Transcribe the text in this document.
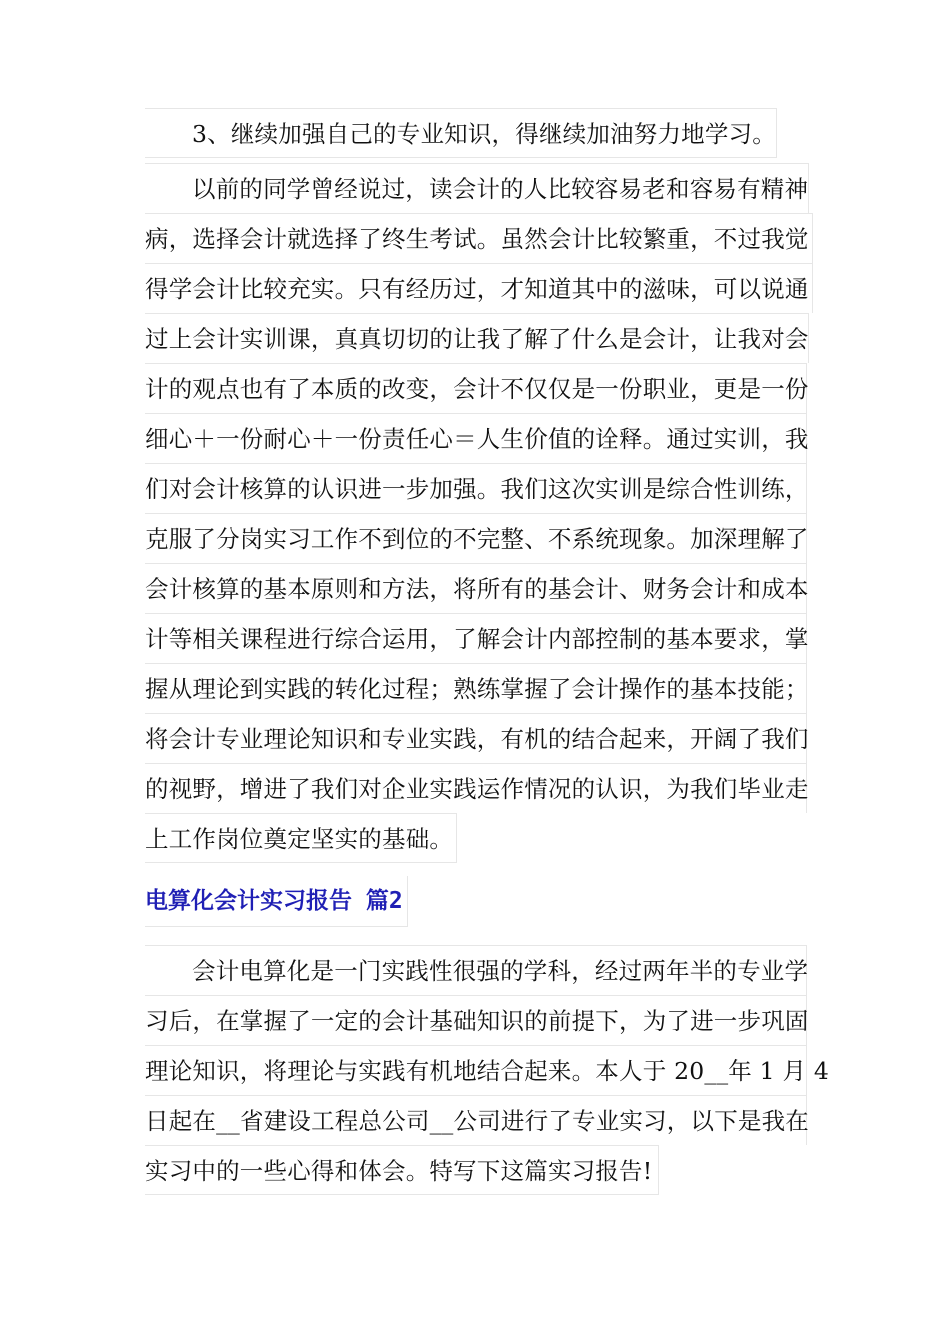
3、继续加强自己的专业知识，得继续加油努力地学习。
以前的同学曾经说过，读会计的人比较容易老和容易有精神
病，选择会计就选择了终生考试。虽然会计比较繁重，不过我觉
得学会计比较充实。只有经历过，才知道其中的滋味，可以说通
过上会计实训课，真真切切的让我了解了什么是会计，让我对会
计的观点也有了本质的改变，会计不仅仅是一份职业，更是一份
细心＋一份耐心＋一份责任心＝人生价值的诠释。通过实训，我
们对会计核算的认识进一步加强。我们这次实训是综合性训练，
克服了分岗实习工作不到位的不完整、不系统现象。加深理解了
会计核算的基本原则和方法，将所有的基会计、财务会计和成本
计等相关课程进行综合运用，了解会计内部控制的基本要求，掌
握从理论到实践的转化过程；熟练掌握了会计操作的基本技能；
将会计专业理论知识和专业实践，有机的结合起来，开阔了我们
的视野，增进了我们对企业实践运作情况的认识，为我们毕业走
上工作岗位奠定坚实的基础。
电算化会计实习报告 篇2
会计电算化是一门实践性很强的学科，经过两年半的专业学
习后，在掌握了一定的会计基础知识的前提下，为了进一步巩固
理论知识，将理论与实践有机地结合起来。本人于 20__年 1 月 4
日起在__省建设工程总公司__公司进行了专业实习，以下是我在
实习中的一些心得和体会。特写下这篇实习报告!
